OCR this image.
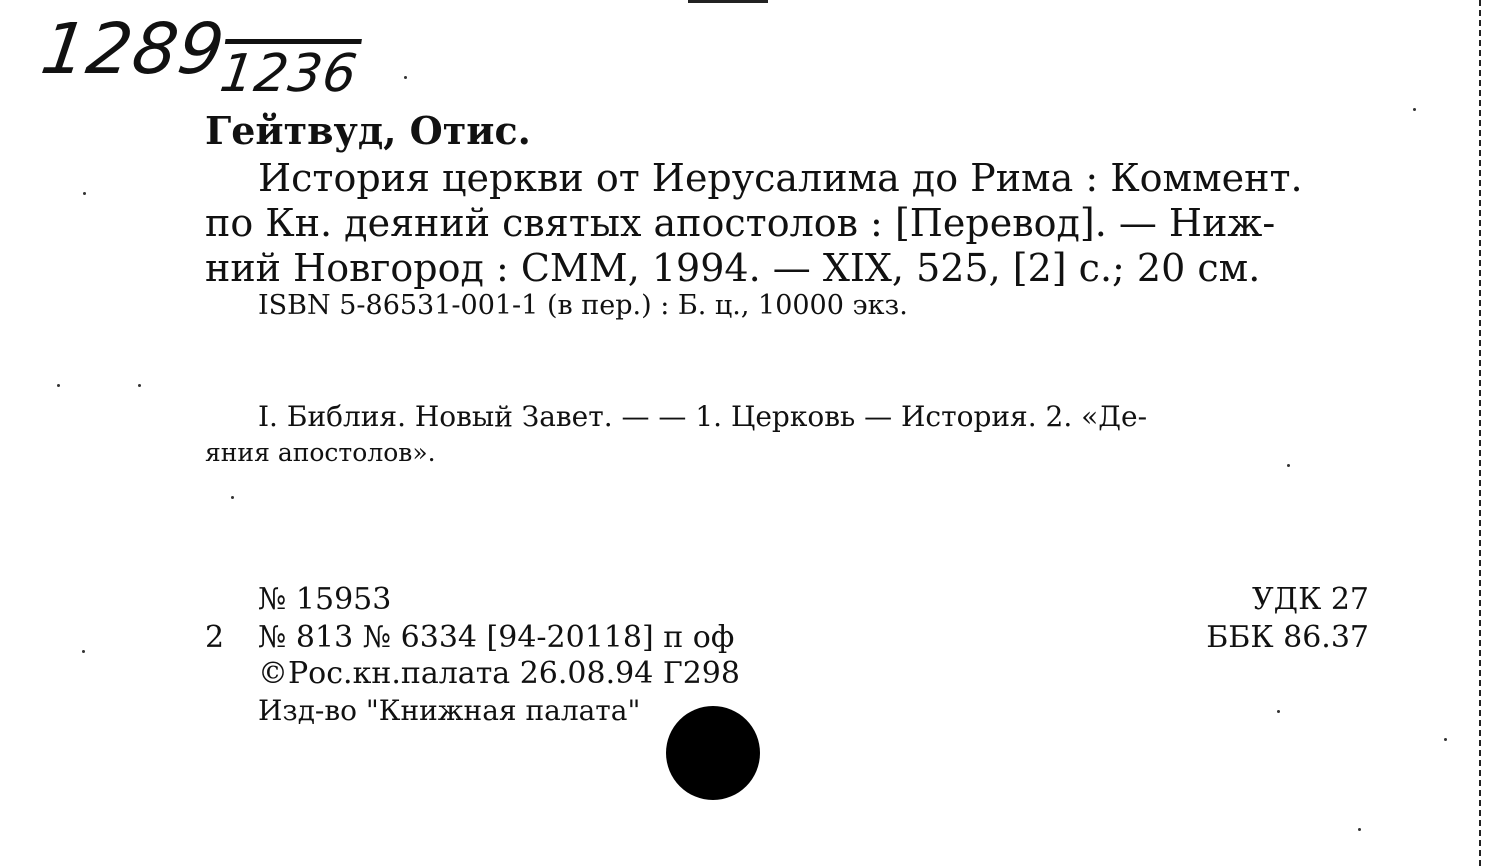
$1289_{1236}$
Гейтвуд, Отис.
История церкви от Иерусалима до Рима : Коммент.
по Кн. деяний святых апостолов : [Перевод]. — Ниж-
ний Новгород : СММ, 1994. — XIX, 525, [2] с.; 20 см.
ISBN 5-86531-001-1 (в пер.) : Б. ц., 10000 экз.
I. Библия. Новый Завет. — — 1. Церковь — История. 2. «Де-
яния апостолов».
№ 15953
2 № 813 № 6334 [94-20118] п оф
©Рос.кн.палата 26.08.94 Г298
Изд-во "Книжная палата"
УДК 27
ББК 86.37
